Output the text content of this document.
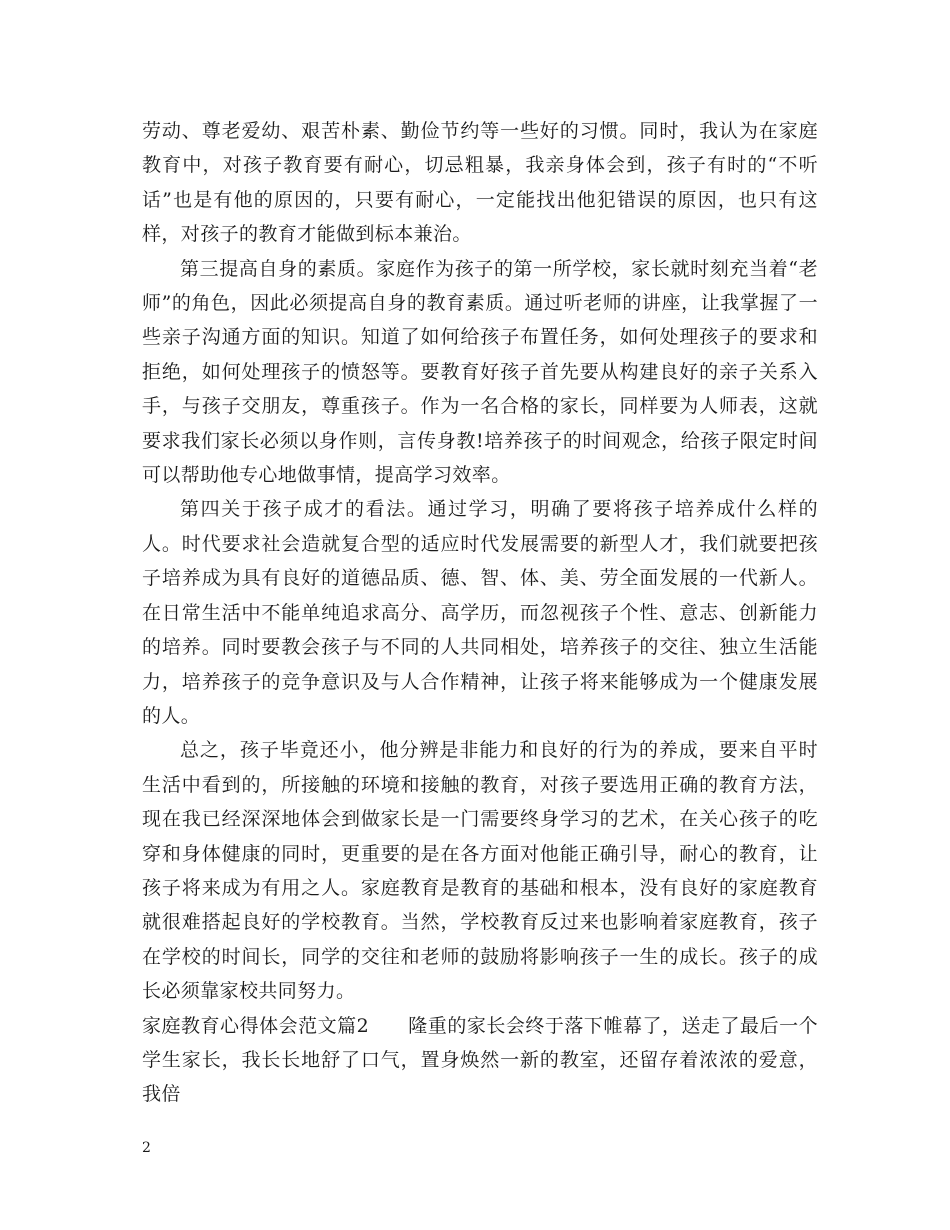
劳动、尊老爱幼、艰苦朴素、勤俭节约等一些好的习惯。同时，我认为在家庭教育中，对孩子教育要有耐心，切忌粗暴，我亲身体会到，孩子有时的“不听话”也是有他的原因的，只要有耐心，一定能找出他犯错误的原因，也只有这样，对孩子的教育才能做到标本兼治。

第三提高自身的素质。家庭作为孩子的第一所学校，家长就时刻充当着“老师”的角色，因此必须提高自身的教育素质。通过听老师的讲座，让我掌握了一些亲子沟通方面的知识。知道了如何给孩子布置任务，如何处理孩子的要求和拒绝，如何处理孩子的愤怒等。要教育好孩子首先要从构建良好的亲子关系入手，与孩子交朋友，尊重孩子。作为一名合格的家长，同样要为人师表，这就要求我们家长必须以身作则，言传身教!培养孩子的时间观念，给孩子限定时间可以帮助他专心地做事情，提高学习效率。

第四关于孩子成才的看法。通过学习，明确了要将孩子培养成什么样的人。时代要求社会造就复合型的适应时代发展需要的新型人才，我们就要把孩子培养成为具有良好的道德品质、德、智、体、美、劳全面发展的一代新人。在日常生活中不能单纯追求高分、高学历，而忽视孩子个性、意志、创新能力的培养。同时要教会孩子与不同的人共同相处，培养孩子的交往、独立生活能力，培养孩子的竞争意识及与人合作精神，让孩子将来能够成为一个健康发展的人。

总之，孩子毕竟还小，他分辨是非能力和良好的行为的养成，要来自平时生活中看到的，所接触的环境和接触的教育，对孩子要选用正确的教育方法，现在我已经深深地体会到做家长是一门需要终身学习的艺术，在关心孩子的吃穿和身体健康的同时，更重要的是在各方面对他能正确引导，耐心的教育，让孩子将来成为有用之人。家庭教育是教育的基础和根本，没有良好的家庭教育就很难搭起良好的学校教育。当然，学校教育反过来也影响着家庭教育，孩子在学校的时间长，同学的交往和老师的鼓励将影响孩子一生的成长。孩子的成长必须靠家校共同努力。

家庭教育心得体会范文篇2　　隆重的家长会终于落下帷幕了，送走了最后一个学生家长，我长长地舒了口气，置身焕然一新的教室，还留存着浓浓的爱意，我倍

2
